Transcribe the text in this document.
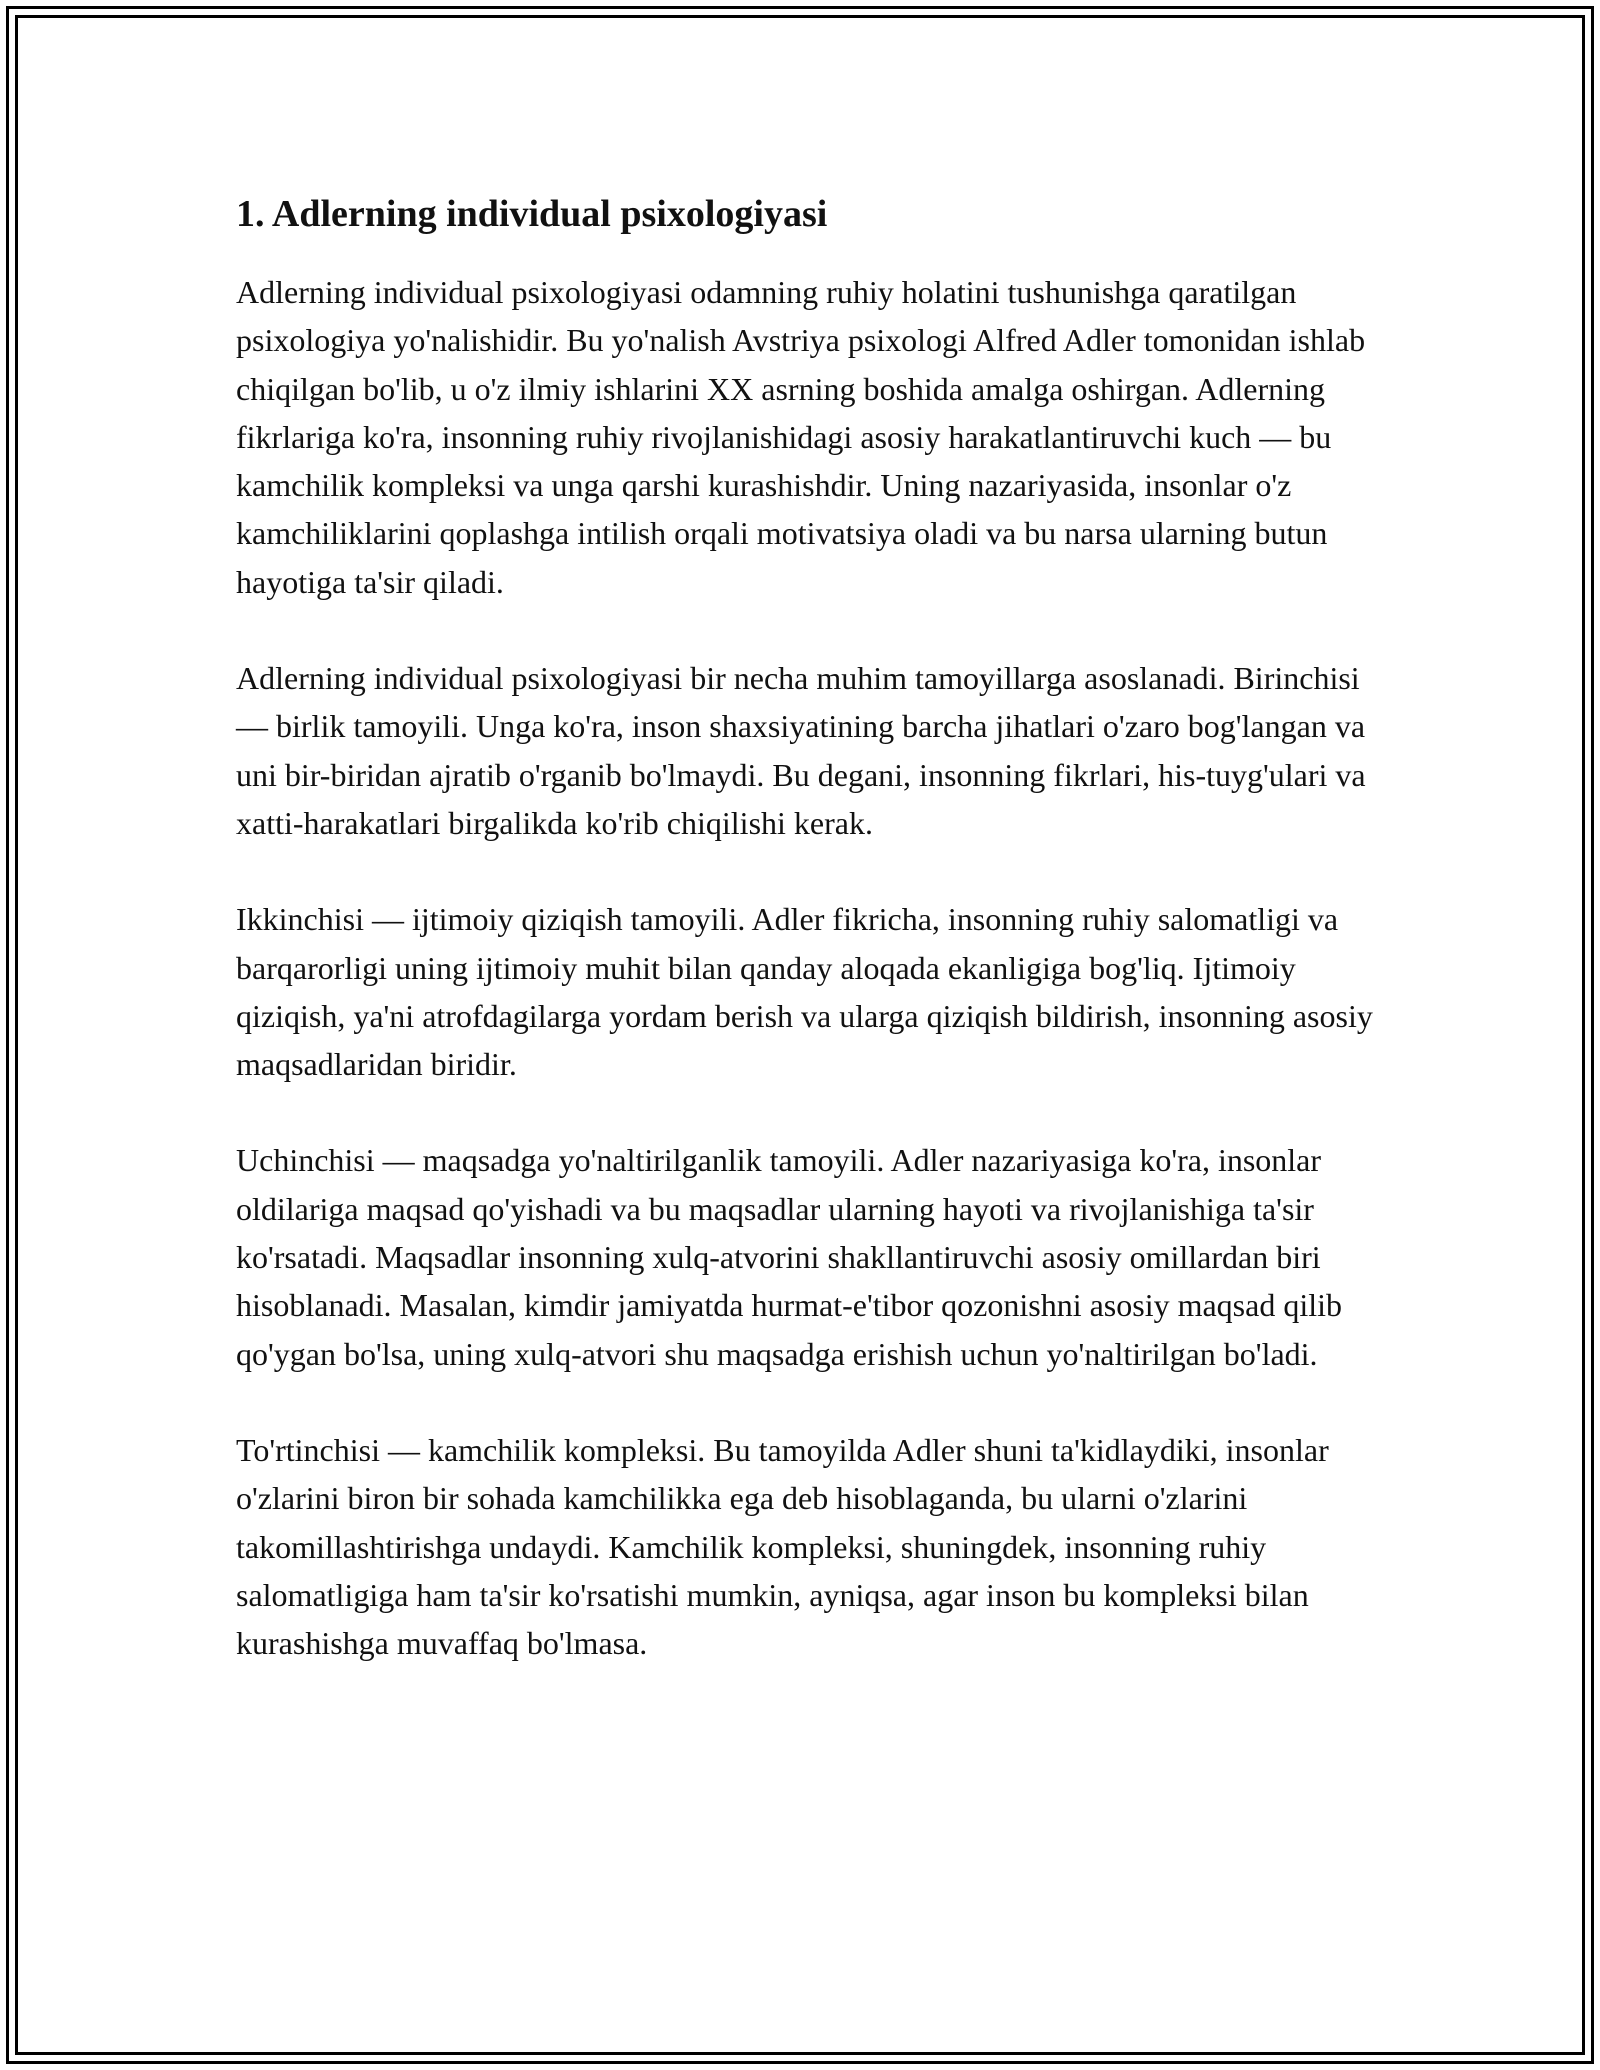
1. Adlerning individual psixologiyasi

Adlerning individual psixologiyasi odamning ruhiy holatini tushunishga qaratilgan psixologiya yo'nalishidir. Bu yo'nalish Avstriya psixologi Alfred Adler tomonidan ishlab chiqilgan bo'lib, u o'z ilmiy ishlarini XX asrning boshida amalga oshirgan. Adlerning fikrlariga ko'ra, insonning ruhiy rivojlanishidagi asosiy harakatlantiruvchi kuch — bu kamchilik kompleksi va unga qarshi kurashishdir. Uning nazariyasida, insonlar o'z kamchiliklarini qoplashga intilish orqali motivatsiya oladi va bu narsa ularning butun hayotiga ta'sir qiladi.

Adlerning individual psixologiyasi bir necha muhim tamoyillarga asoslanadi. Birinchisi — birlik tamoyili. Unga ko'ra, inson shaxsiyatining barcha jihatlari o'zaro bog'langan va uni bir-biridan ajratib o'rganib bo'lmaydi. Bu degani, insonning fikrlari, his-tuyg'ulari va xatti-harakatlari birgalikda ko'rib chiqilishi kerak.

Ikkinchisi — ijtimoiy qiziqish tamoyili. Adler fikricha, insonning ruhiy salomatligi va barqarorligi uning ijtimoiy muhit bilan qanday aloqada ekanligiga bog'liq. Ijtimoiy qiziqish, ya'ni atrofdagilarga yordam berish va ularga qiziqish bildirish, insonning asosiy maqsadlaridan biridir.

Uchinchisi — maqsadga yo'naltirilganlik tamoyili. Adler nazariyasiga ko'ra, insonlar oldilariga maqsad qo'yishadi va bu maqsadlar ularning hayoti va rivojlanishiga ta'sir ko'rsatadi. Maqsadlar insonning xulq-atvorini shakllantiruvchi asosiy omillardan biri hisoblanadi. Masalan, kimdir jamiyatda hurmat-e'tibor qozonishni asosiy maqsad qilib qo'ygan bo'lsa, uning xulq-atvori shu maqsadga erishish uchun yo'naltirilgan bo'ladi.

To'rtinchisi — kamchilik kompleksi. Bu tamoyilda Adler shuni ta'kidlaydiki, insonlar o'zlarini biron bir sohada kamchilikka ega deb hisoblaganda, bu ularni o'zlarini takomillashtirishga undaydi. Kamchilik kompleksi, shuningdek, insonning ruhiy salomatligiga ham ta'sir ko'rsatishi mumkin, ayniqsa, agar inson bu kompleksi bilan kurashishga muvaffaq bo'lmasa.
